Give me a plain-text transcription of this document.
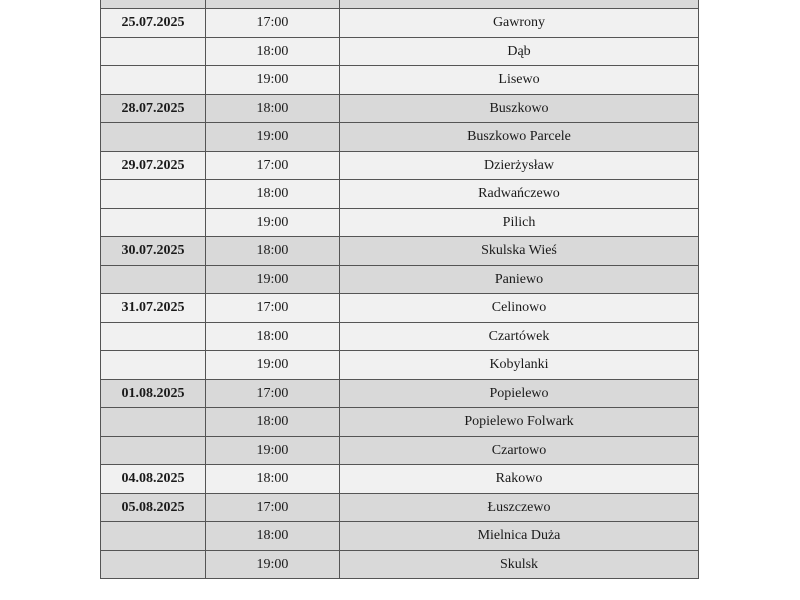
25.07.2025	17:00	Gawrony
	18:00	Dąb
	19:00	Lisewo
28.07.2025	18:00	Buszkowo
	19:00	Buszkowo Parcele
29.07.2025	17:00	Dzierżysław
	18:00	Radwańczewo
	19:00	Pilich
30.07.2025	18:00	Skulska Wieś
	19:00	Paniewo
31.07.2025	17:00	Celinowo
	18:00	Czartówek
	19:00	Kobylanki
01.08.2025	17:00	Popielewo
	18:00	Popielewo Folwark
	19:00	Czartowo
04.08.2025	18:00	Rakowo
05.08.2025	17:00	Łuszczewo
	18:00	Mielnica Duża
	19:00	Skulsk
